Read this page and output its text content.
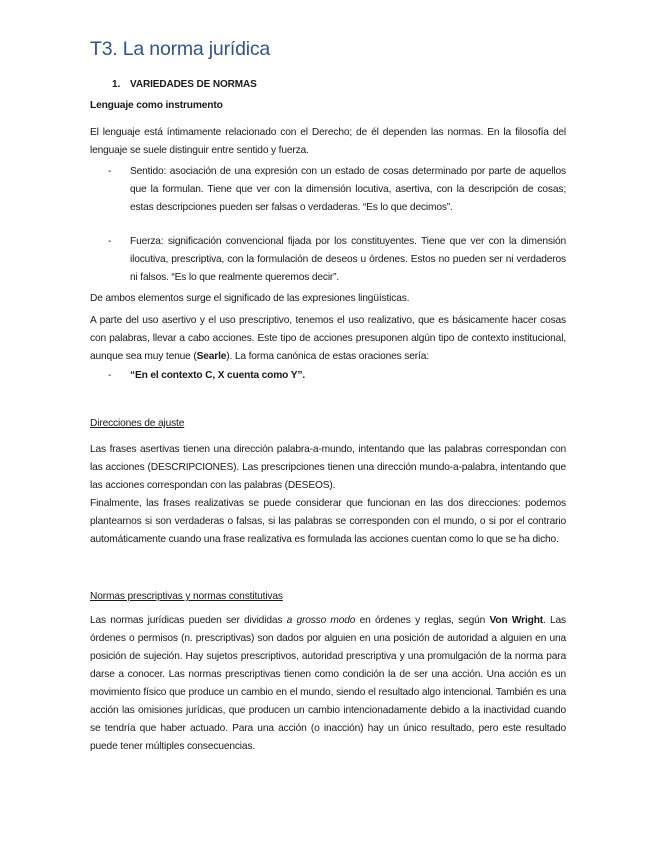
T3. La norma jurídica
1. VARIEDADES DE NORMAS
Lenguaje como instrumento
El lenguaje está íntimamente relacionado con el Derecho; de él dependen las normas. En la filosofía del lenguaje se suele distinguir entre sentido y fuerza.
- Sentido: asociación de una expresión con un estado de cosas determinado por parte de aquellos que la formulan. Tiene que ver con la dimensión locutiva, asertiva, con la descripción de cosas; estas descripciones pueden ser falsas o verdaderas. “Es lo que decimos”.
- Fuerza: significación convencional fijada por los constituyentes. Tiene que ver con la dimensión ilocutiva, prescriptiva, con la formulación de deseos u órdenes. Estos no pueden ser ni verdaderos ni falsos. “Es lo que realmente queremos decir”.
De ambos elementos surge el significado de las expresiones lingüísticas.
A parte del uso asertivo y el uso prescriptivo, tenemos el uso realizativo, que es básicamente hacer cosas con palabras, llevar a cabo acciones. Este tipo de acciones presuponen algún tipo de contexto institucional, aunque sea muy tenue (Searle). La forma canónica de estas oraciones sería:
- “En el contexto C, X cuenta como Y”.
Direcciones de ajuste
Las frases asertivas tienen una dirección palabra-a-mundo, intentando que las palabras correspondan con las acciones (DESCRIPCIONES). Las prescripciones tienen una dirección mundo-a-palabra, intentando que las acciones correspondan con las palabras (DESEOS).
Finalmente, las frases realizativas se puede considerar que funcionan en las dos direcciones: podemos plantearnos si son verdaderas o falsas, si las palabras se corresponden con el mundo, o si por el contrario automáticamente cuando una frase realizativa es formulada las acciones cuentan como lo que se ha dicho.
Normas prescriptivas y normas constitutivas
Las normas jurídicas pueden ser divididas a grosso modo en órdenes y reglas, según Von Wright. Las órdenes o permisos (n. prescriptivas) son dados por alguien en una posición de autoridad a alguien en una posición de sujeción. Hay sujetos prescriptivos, autoridad prescriptiva y una promulgación de la norma para darse a conocer. Las normas prescriptivas tienen como condición la de ser una acción. Una acción es un movimiento físico que produce un cambio en el mundo, siendo el resultado algo intencional. También es una acción las omisiones jurídicas, que producen un cambio intencionadamente debido a la inactividad cuando se tendría que haber actuado. Para una acción (o inacción) hay un único resultado, pero este resultado puede tener múltiples consecuencias.
